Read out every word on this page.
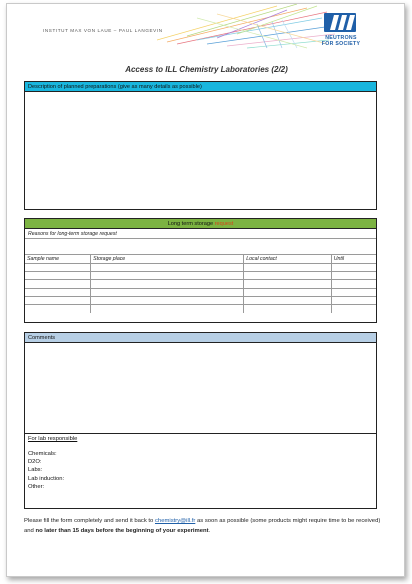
INSTITUT MAX VON LAUE – PAUL LANGEVIN
NEUTRONS
FOR SOCIETY
Access to ILL Chemistry Laboratories (2/2)
Description of planned preparations (give as many details as possible)
Long term storage request
Reasons for long-term storage request
Sample name	Storage place	Local contact	Until

Comments
For lab responsible
Chemicals:
D2O:
Labs:
Lab induction:
Other:
Please fill the form completely and send it back to chemistry@ill.fr as soon as possible (some products might require time to be received) and no later than 15 days before the beginning of your experiment.
